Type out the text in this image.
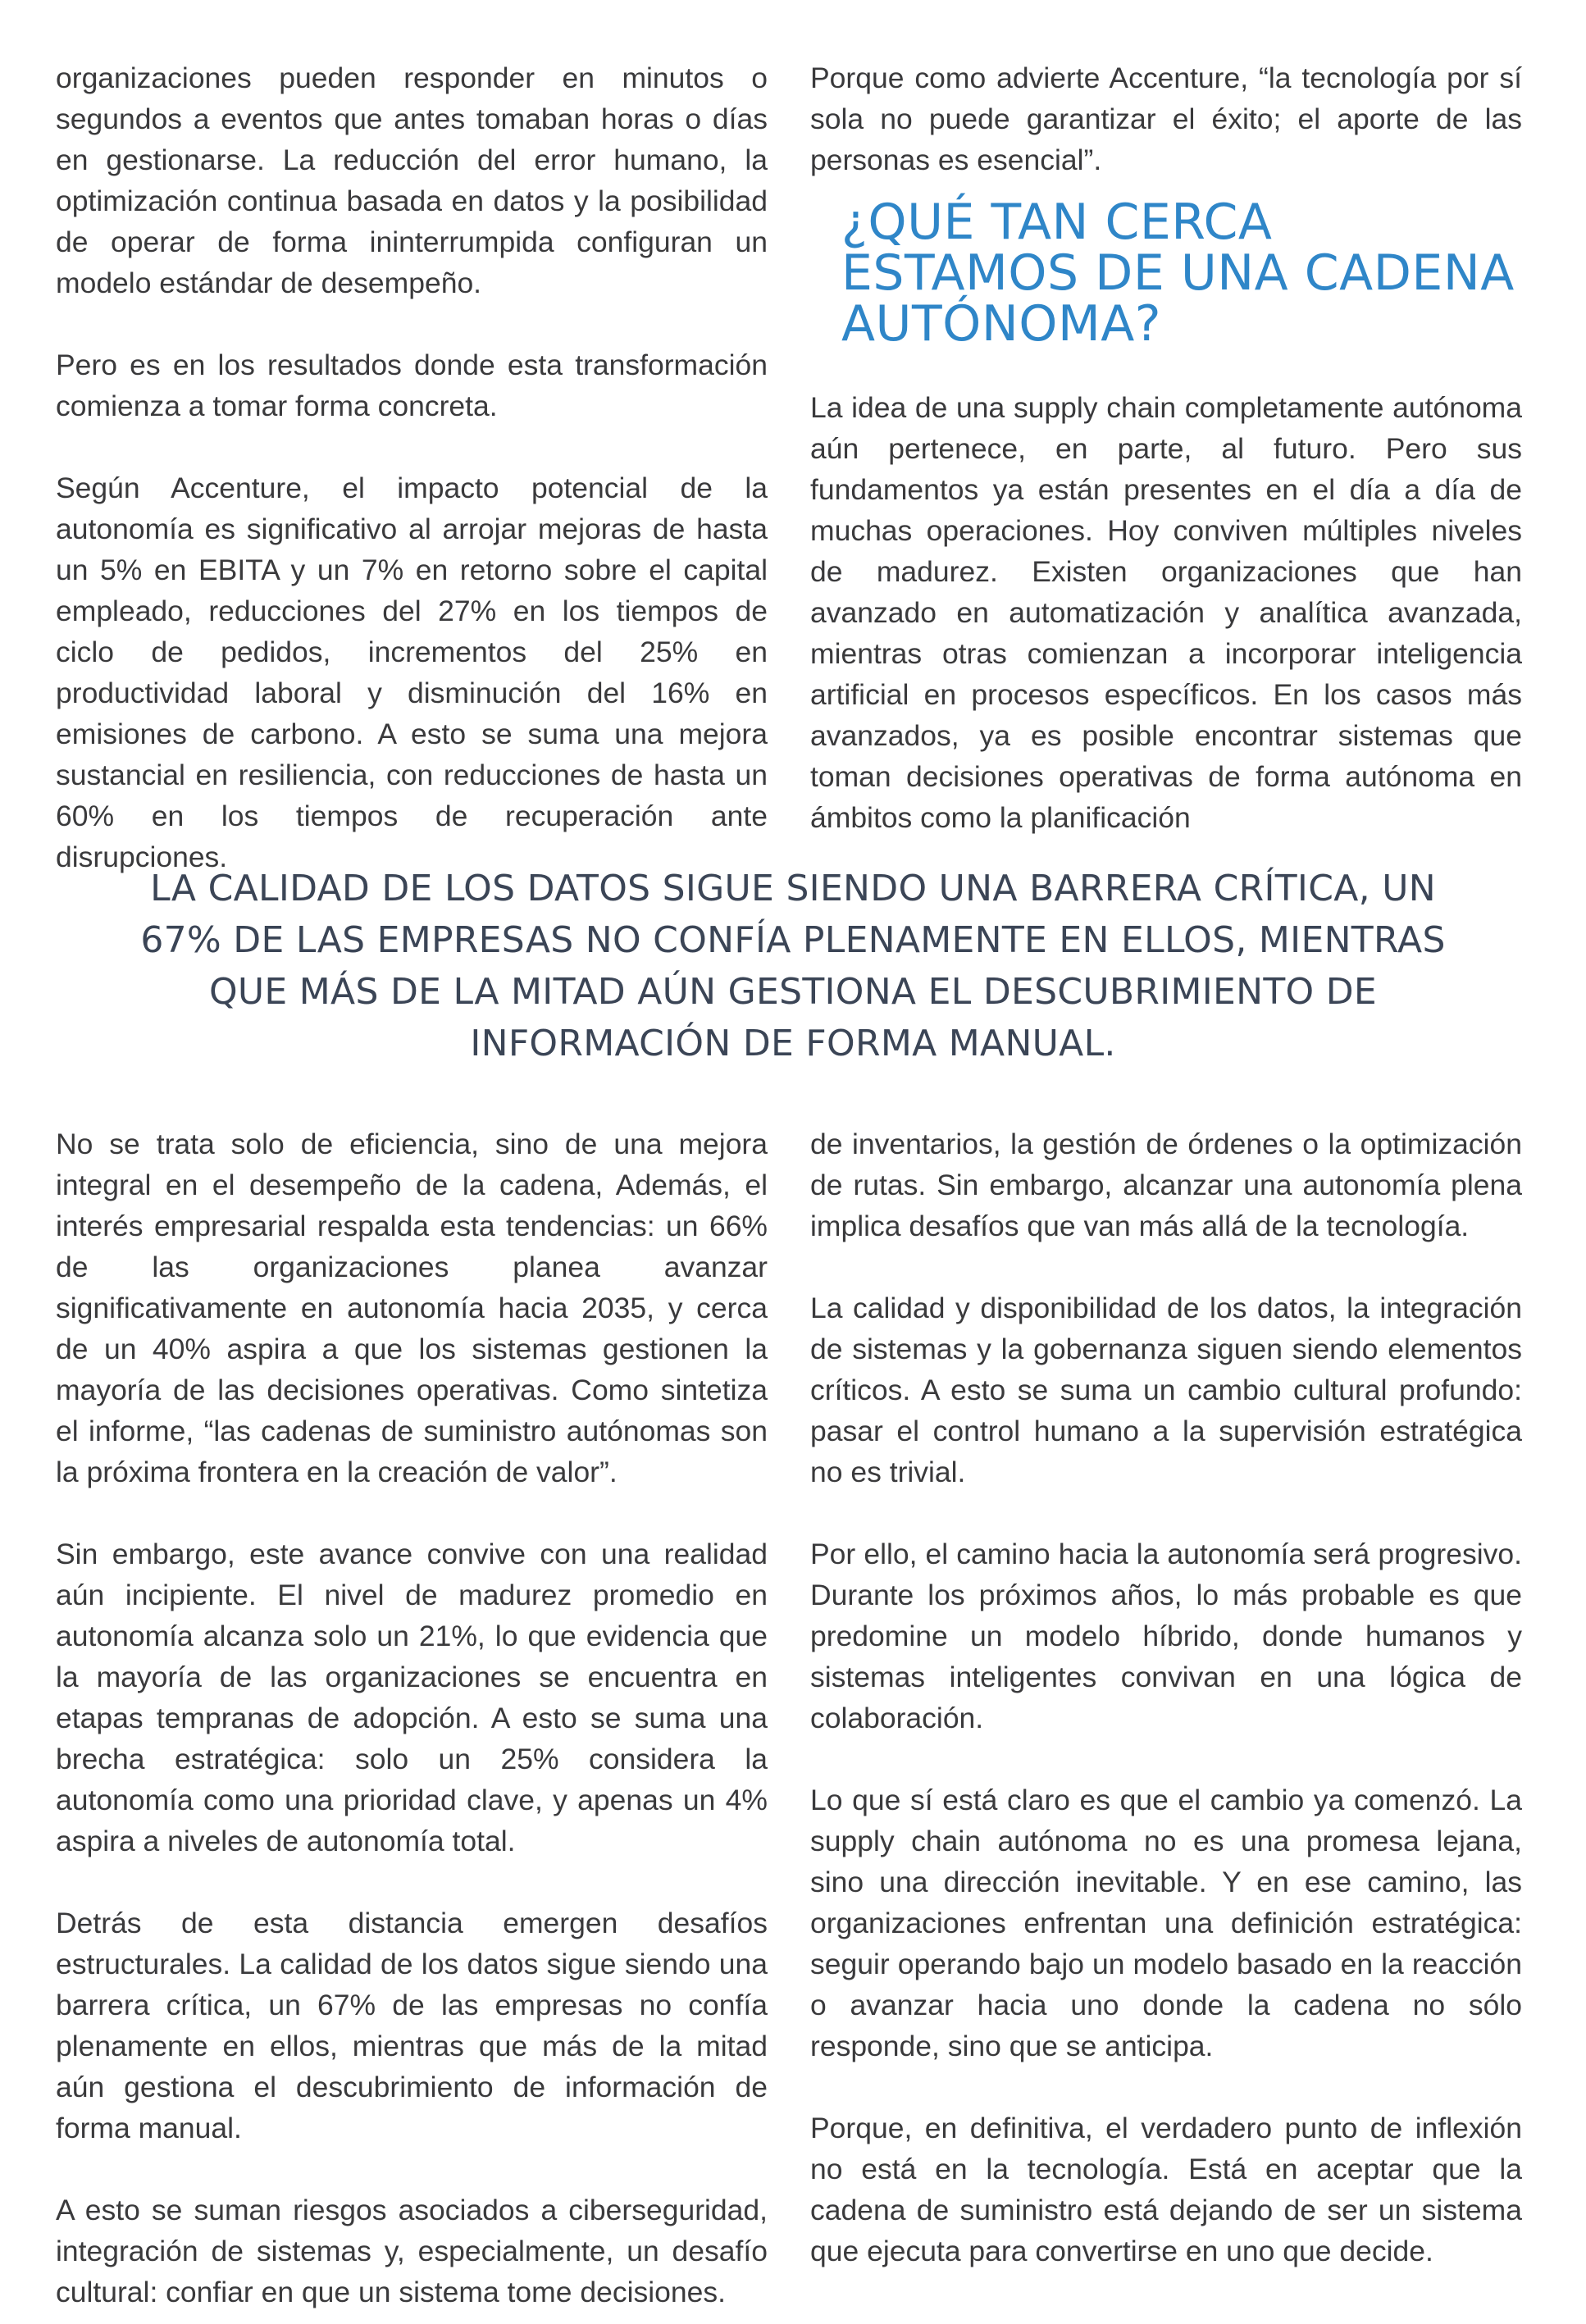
organizaciones pueden responder en minutos o segundos a eventos que antes tomaban horas o días en gestionarse. La reducción del error humano, la optimización continua basada en datos y la posibilidad de operar de forma ininterrumpida configuran un modelo estándar de desempeño.

Pero es en los resultados donde esta transformación comienza a tomar forma concreta.

Según Accenture, el impacto potencial de la autonomía es significativo al arrojar mejoras de hasta un 5% en EBITA y un 7% en retorno sobre el capital empleado, reducciones del 27% en los tiempos de ciclo de pedidos, incrementos del 25% en productividad laboral y disminución del 16% en emisiones de carbono. A esto se suma una mejora sustancial en resiliencia, con reducciones de hasta un 60% en los tiempos de recuperación ante disrupciones.

Porque como advierte Accenture, “la tecnología por sí sola no puede garantizar el éxito; el aporte de las personas es esencial”.

¿QUÉ TAN CERCA
ESTAMOS DE UNA CADENA
AUTÓNOMA?

La idea de una supply chain completamente autónoma aún pertenece, en parte, al futuro. Pero sus fundamentos ya están presentes en el día a día de muchas operaciones. Hoy conviven múltiples niveles de madurez. Existen organizaciones que han avanzado en automatización y analítica avanzada, mientras otras comienzan a incorporar inteligencia artificial en procesos específicos. En los casos más avanzados, ya es posible encontrar sistemas que toman decisiones operativas de forma autónoma en ámbitos como la planificación

LA CALIDAD DE LOS DATOS SIGUE SIENDO UNA BARRERA CRÍTICA, UN
67% DE LAS EMPRESAS NO CONFÍA PLENAMENTE EN ELLOS, MIENTRAS
QUE MÁS DE LA MITAD AÚN GESTIONA EL DESCUBRIMIENTO DE
INFORMACIÓN DE FORMA MANUAL.

No se trata solo de eficiencia, sino de una mejora integral en el desempeño de la cadena, Además, el interés empresarial respalda esta tendencias: un 66% de las organizaciones planea avanzar significativamente en autonomía hacia 2035, y cerca de un 40% aspira a que los sistemas gestionen la mayoría de las decisiones operativas. Como sintetiza el informe, “las cadenas de suministro autónomas son la próxima frontera en la creación de valor”.

Sin embargo, este avance convive con una realidad aún incipiente. El nivel de madurez promedio en autonomía alcanza solo un 21%, lo que evidencia que la mayoría de las organizaciones se encuentra en etapas tempranas de adopción. A esto se suma una brecha estratégica: solo un 25% considera la autonomía como una prioridad clave, y apenas un 4% aspira a niveles de autonomía total.

Detrás de esta distancia emergen desafíos estructurales. La calidad de los datos sigue siendo una barrera crítica, un 67% de las empresas no confía plenamente en ellos, mientras que más de la mitad aún gestiona el descubrimiento de información de forma manual.

A esto se suman riesgos asociados a ciberseguridad, integración de sistemas y, especialmente, un desafío cultural: confiar en que un sistema tome decisiones.

de inventarios, la gestión de órdenes o la optimización de rutas. Sin embargo, alcanzar una autonomía plena implica desafíos que van más allá de la tecnología.

La calidad y disponibilidad de los datos, la integración de sistemas y la gobernanza siguen siendo elementos críticos. A esto se suma un cambio cultural profundo: pasar el control humano a la supervisión estratégica no es trivial.

Por ello, el camino hacia la autonomía será progresivo. Durante los próximos años, lo más probable es que predomine un modelo híbrido, donde humanos y sistemas inteligentes convivan en una lógica de colaboración.

Lo que sí está claro es que el cambio ya comenzó. La supply chain autónoma no es una promesa lejana, sino una dirección inevitable. Y en ese camino, las organizaciones enfrentan una definición estratégica: seguir operando bajo un modelo basado en la reacción o avanzar hacia uno donde la cadena no sólo responde, sino que se anticipa.

Porque, en definitiva, el verdadero punto de inflexión no está en la tecnología. Está en aceptar que la cadena de suministro está dejando de ser un sistema que ejecuta para convertirse en uno que decide.
